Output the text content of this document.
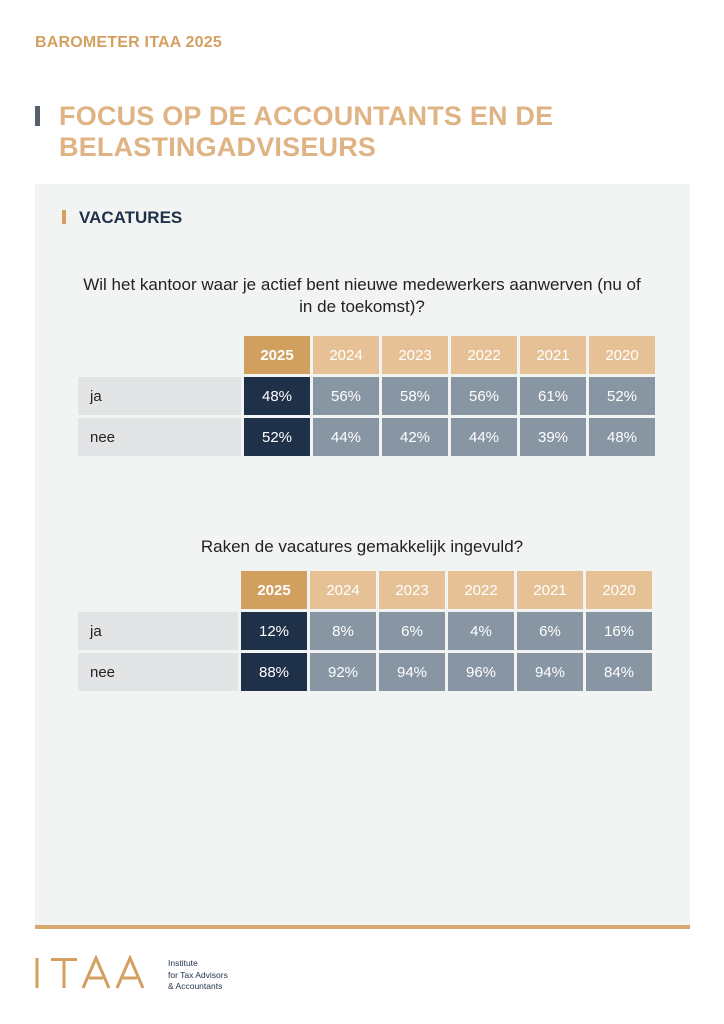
BAROMETER ITAA 2025
FOCUS OP DE ACCOUNTANTS EN DE BELASTINGADVISEURS
VACATURES

Wil het kantoor waar je actief bent nieuwe medewerkers aanwerven (nu of in de toekomst)?

2025	2024	2023	2022	2021	2020
ja	48%	56%	58%	56%	61%	52%
nee	52%	44%	42%	44%	39%	48%

Raken de vacatures gemakkelijk ingevuld?

2025	2024	2023	2022	2021	2020
ja	12%	8%	6%	4%	6%	16%
nee	88%	92%	94%	96%	94%	84%
Institute
for Tax Advisors
& Accountants
